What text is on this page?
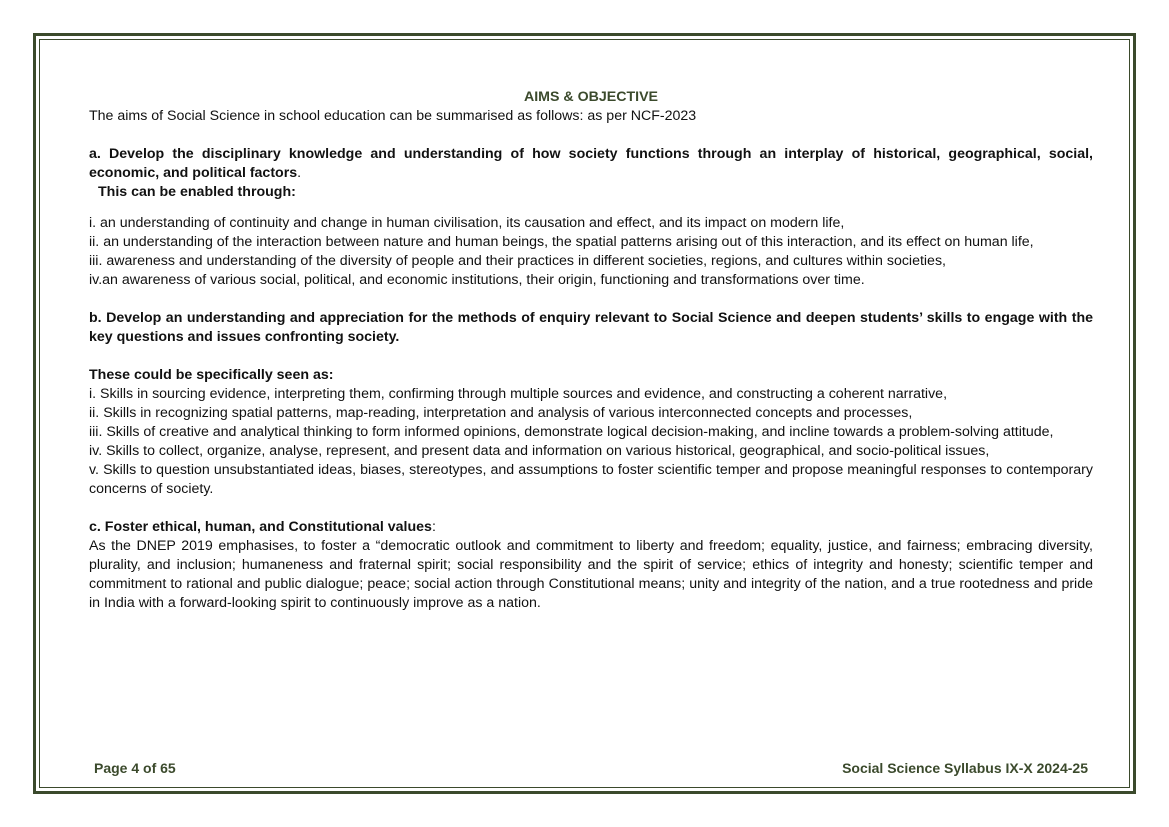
AIMS & OBJECTIVE

The aims of Social Science in school education can be summarised as follows: as per NCF-2023

a. Develop the disciplinary knowledge and understanding of how society functions through an interplay of historical, geographical, social, economic, and political factors.

This can be enabled through:

i. an understanding of continuity and change in human civilisation, its causation and effect, and its impact on modern life,

ii. an understanding of the interaction between nature and human beings, the spatial patterns arising out of this interaction, and its effect on human life,

iii. awareness and understanding of the diversity of people and their practices in different societies, regions, and cultures within societies,

iv.an awareness of various social, political, and economic institutions, their origin, functioning and transformations over time.

b. Develop an understanding and appreciation for the methods of enquiry relevant to Social Science and deepen students’ skills to engage with the key questions and issues confronting society.

These could be specifically seen as:

i. Skills in sourcing evidence, interpreting them, confirming through multiple sources and evidence, and constructing a coherent narrative,

ii. Skills in recognizing spatial patterns, map-reading, interpretation and analysis of various interconnected concepts and processes,

iii. Skills of creative and analytical thinking to form informed opinions, demonstrate logical decision-making, and incline towards a problem-solving attitude,

iv. Skills to collect, organize, analyse, represent, and present data and information on various historical, geographical, and socio-political issues,

v. Skills to question unsubstantiated ideas, biases, stereotypes, and assumptions to foster scientific temper and propose meaningful responses to contemporary concerns of society.

c. Foster ethical, human, and Constitutional values:

As the DNEP 2019 emphasises, to foster a “democratic outlook and commitment to liberty and freedom; equality, justice, and fairness; embracing diversity, plurality, and inclusion; humaneness and fraternal spirit; social responsibility and the spirit of service; ethics of integrity and honesty; scientific temper and commitment to rational and public dialogue; peace; social action through Constitutional means; unity and integrity of the nation, and a true rootedness and pride in India with a forward-looking spirit to continuously improve as a nation.

Page 4 of 65	Social Science Syllabus IX-X 2024-25
